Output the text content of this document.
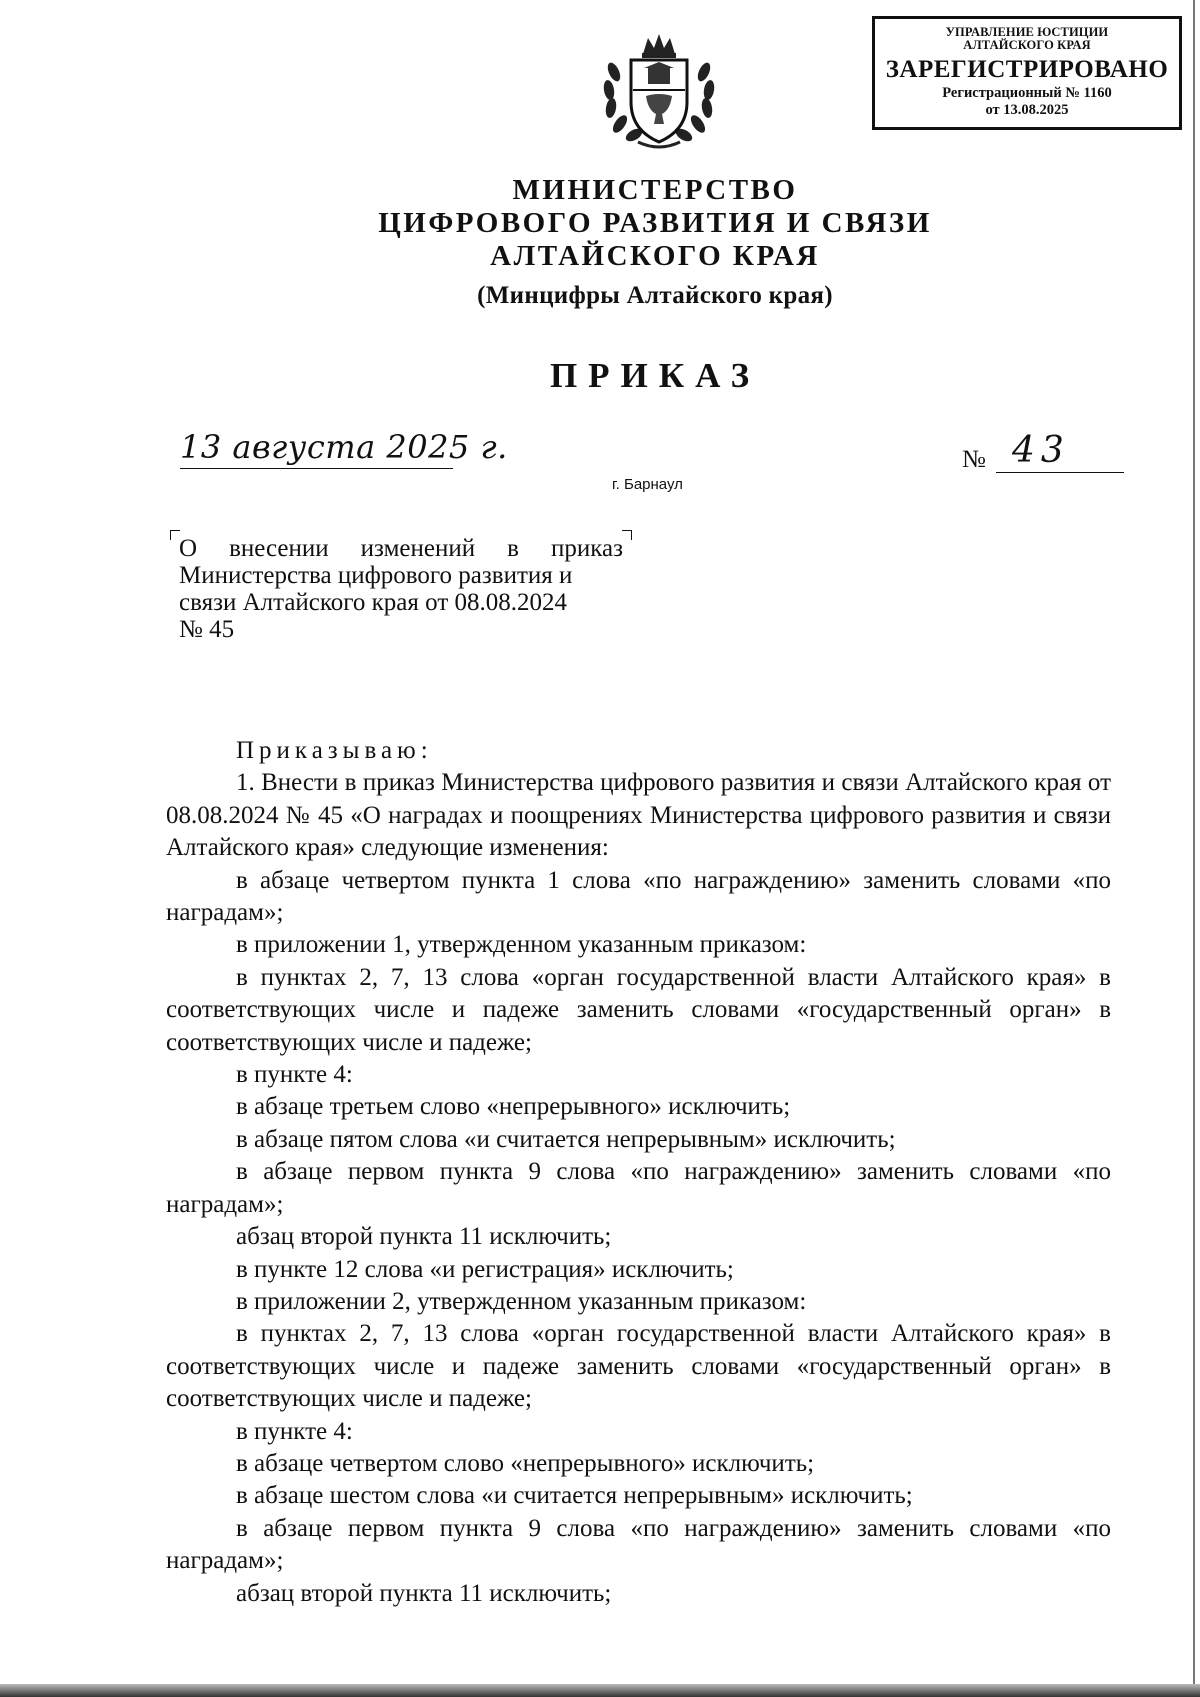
УПРАВЛЕНИЕ ЮСТИЦИИ
АЛТАЙСКОГО КРАЯ
ЗАРЕГИСТРИРОВАНО
Регистрационный № 1160
от 13.08.2025
МИНИСТЕРСТВО
ЦИФРОВОГО РАЗВИТИЯ И СВЯЗИ
АЛТАЙСКОГО КРАЯ
(Минцифры Алтайского края)
ПРИКАЗ
13 августа 2025 г.
г. Барнаул
№ 43
О внесении изменений в приказ
Министерства цифрового развития и
связи Алтайского края от 08.08.2024
№ 45

Приказываю:

1. Внести в приказ Министерства цифрового развития и связи Алтайского края от 08.08.2024 № 45 «О наградах и поощрениях Министерства цифрового развития и связи Алтайского края» следующие изменения:

в абзаце четвертом пункта 1 слова «по награждению» заменить словами «по наградам»;

в приложении 1, утвержденном указанным приказом:

в пунктах 2, 7, 13 слова «орган государственной власти Алтайского края» в соответствующих числе и падеже заменить словами «государственный орган» в соответствующих числе и падеже;

в пункте 4:

в абзаце третьем слово «непрерывного» исключить;

в абзаце пятом слова «и считается непрерывным» исключить;

в абзаце первом пункта 9 слова «по награждению» заменить словами «по наградам»;

абзац второй пункта 11 исключить;

в пункте 12 слова «и регистрация» исключить;

в приложении 2, утвержденном указанным приказом:

в пунктах 2, 7, 13 слова «орган государственной власти Алтайского края» в соответствующих числе и падеже заменить словами «государственный орган» в соответствующих числе и падеже;

в пункте 4:

в абзаце четвертом слово «непрерывного» исключить;

в абзаце шестом слова «и считается непрерывным» исключить;

в абзаце первом пункта 9 слова «по награждению» заменить словами «по наградам»;

абзац второй пункта 11 исключить;
